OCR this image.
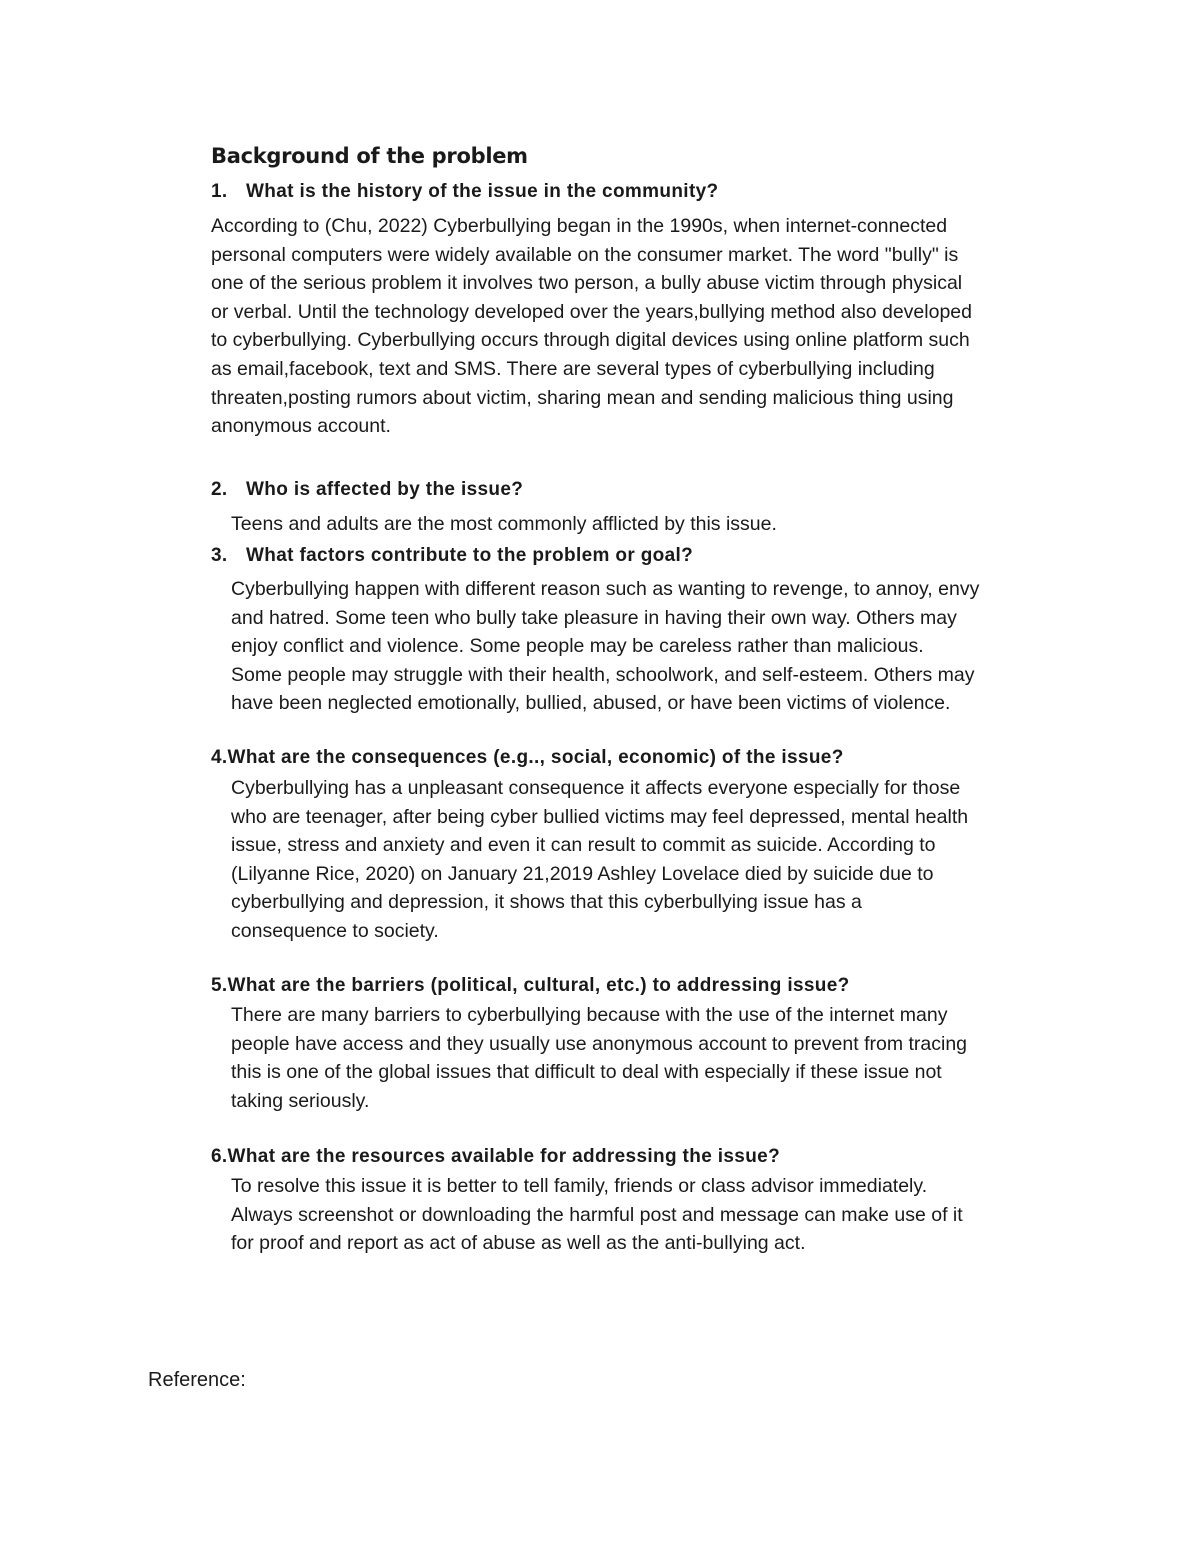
Background of the problem

1. What is the history of the issue in the community?

According to (Chu, 2022) Cyberbullying began in the 1990s, when internet-connected
personal computers were widely available on the consumer market. The word "bully" is
one of the serious problem it involves two person, a bully abuse victim through physical
or verbal. Until the technology developed over the years,bullying method also developed
to cyberbullying. Cyberbullying occurs through digital devices using online platform such
as email,facebook, text and SMS. There are several types of cyberbullying including
threaten,posting rumors about victim, sharing mean and sending malicious thing using
anonymous account.

2. Who is affected by the issue?

Teens and adults are the most commonly afflicted by this issue.

3. What factors contribute to the problem or goal?

Cyberbullying happen with different reason such as wanting to revenge, to annoy, envy
and hatred. Some teen who bully take pleasure in having their own way. Others may
enjoy conflict and violence. Some people may be careless rather than malicious.
Some people may struggle with their health, schoolwork, and self-esteem. Others may
have been neglected emotionally, bullied, abused, or have been victims of violence.

4.What are the consequences (e.g.., social, economic) of the issue?

Cyberbullying has a unpleasant consequence it affects everyone especially for those
who are teenager, after being cyber bullied victims may feel depressed, mental health
issue, stress and anxiety and even it can result to commit as suicide. According to
(Lilyanne Rice, 2020) on January 21,2019 Ashley Lovelace died by suicide due to
cyberbullying and depression, it shows that this cyberbullying issue has a
consequence to society.

5.What are the barriers (political, cultural, etc.) to addressing issue?

There are many barriers to cyberbullying because with the use of the internet many
people have access and they usually use anonymous account to prevent from tracing
this is one of the global issues that difficult to deal with especially if these issue not
taking seriously.

6.What are the resources available for addressing the issue?

To resolve this issue it is better to tell family, friends or class advisor immediately.
Always screenshot or downloading the harmful post and message can make use of it
for proof and report as act of abuse as well as the anti-bullying act.

Reference:
